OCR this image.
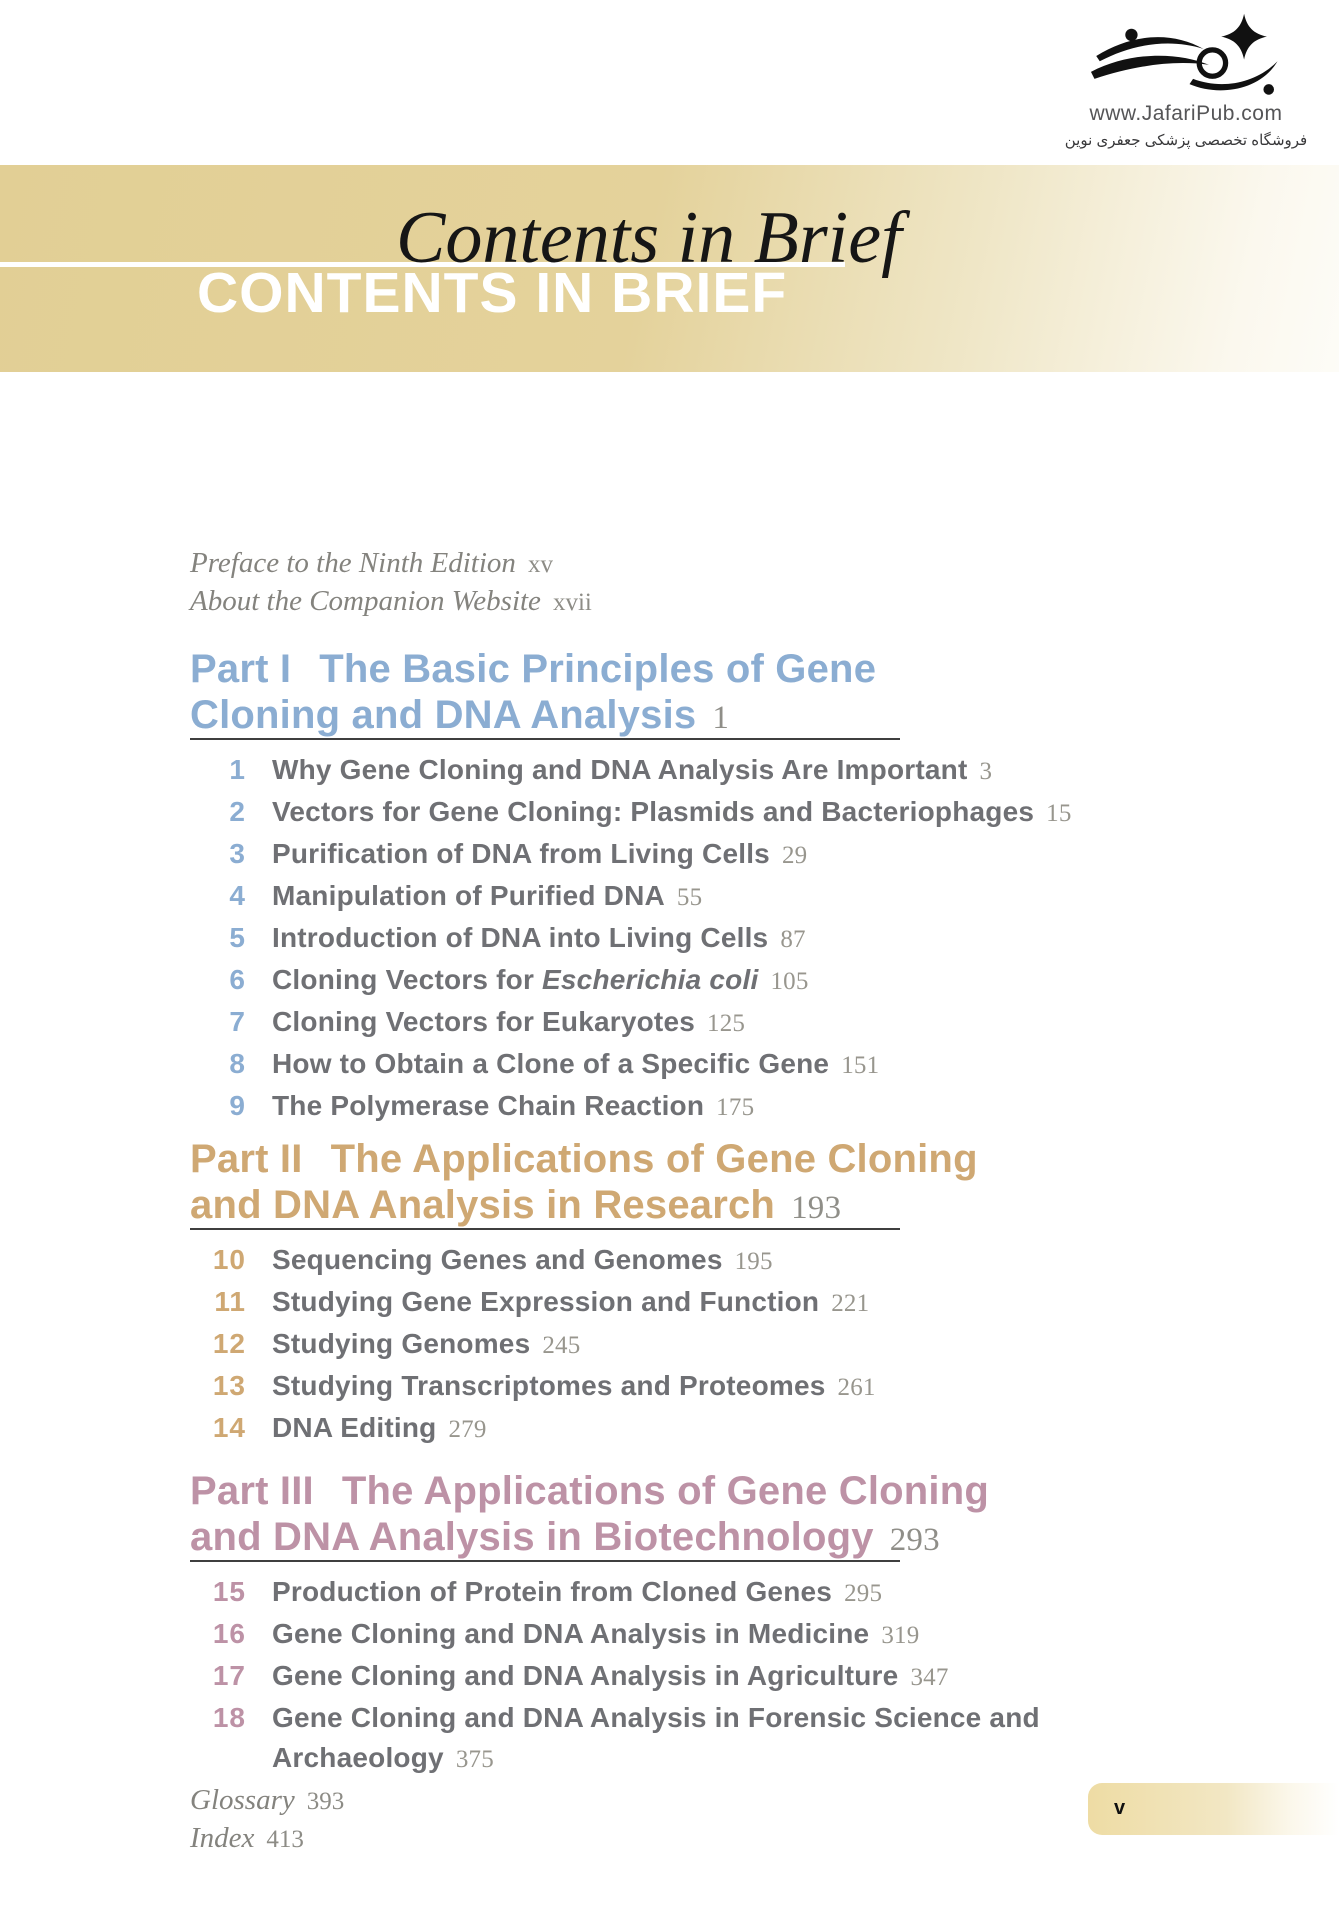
www.JafariPub.com
فروشگاه تخصصی پزشکی جعفری نوین
CONTENTS IN BRIEF
Contents in Brief
Preface to the Ninth Edition xv
About the Companion Website xvii
Part I The Basic Principles of Gene
Cloning and DNA Analysis 1
1 Why Gene Cloning and DNA Analysis Are Important 3
2 Vectors for Gene Cloning: Plasmids and Bacteriophages 15
3 Purification of DNA from Living Cells 29
4 Manipulation of Purified DNA 55
5 Introduction of DNA into Living Cells 87
6 Cloning Vectors for Escherichia coli 105
7 Cloning Vectors for Eukaryotes 125
8 How to Obtain a Clone of a Specific Gene 151
9 The Polymerase Chain Reaction 175
Part II The Applications of Gene Cloning
and DNA Analysis in Research 193
10 Sequencing Genes and Genomes 195
11 Studying Gene Expression and Function 221
12 Studying Genomes 245
13 Studying Transcriptomes and Proteomes 261
14 DNA Editing 279
Part III The Applications of Gene Cloning
and DNA Analysis in Biotechnology 293
15 Production of Protein from Cloned Genes 295
16 Gene Cloning and DNA Analysis in Medicine 319
17 Gene Cloning and DNA Analysis in Agriculture 347
18 Gene Cloning and DNA Analysis in Forensic Science and Archaeology 375
Glossary 393
Index 413
v
